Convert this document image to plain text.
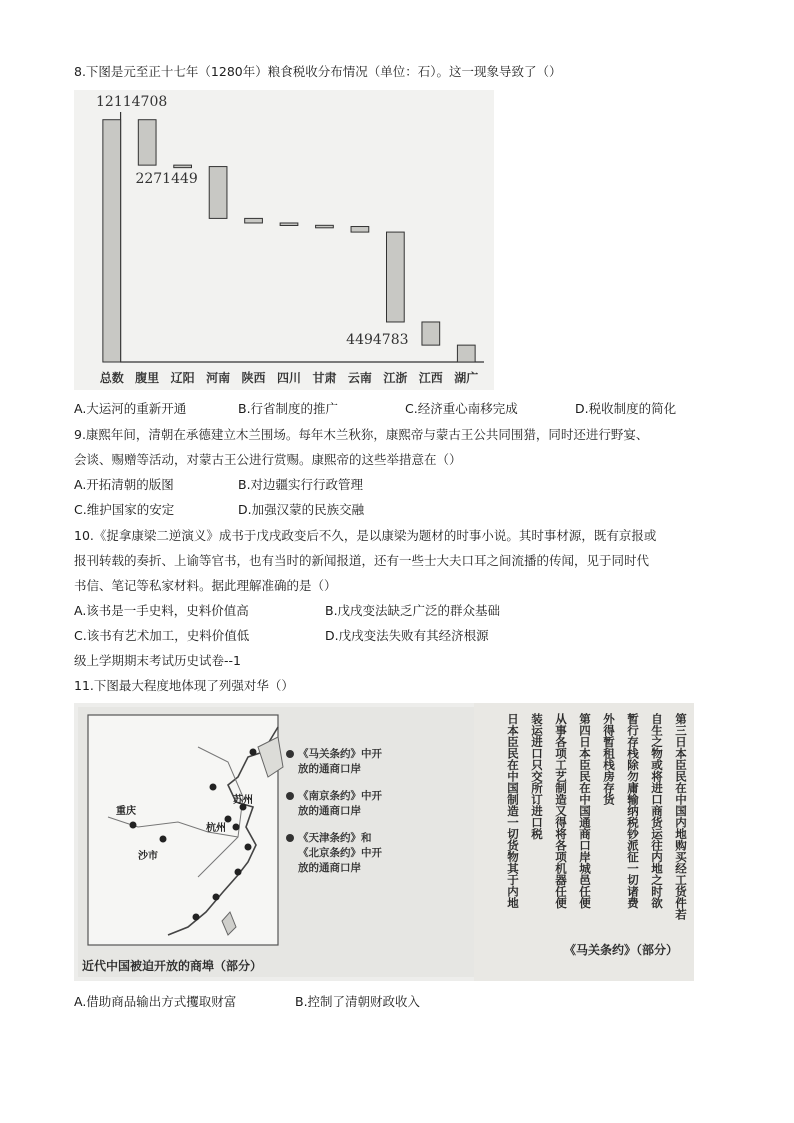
8.下图是元至正十七年（1280年）粮食税收分布情况（单位：石）。这一现象导致了（）
总数 腹里 辽阳 河南 陕西 四川 甘肃 云南 江浙 江西 湖广
12114708
2271449
4494783
A.大运河的重新开通	B.行省制度的推广	C.经济重心南移完成	D.税收制度的简化
9.康熙年间，清朝在承德建立木兰围场。每年木兰秋狝，康熙帝与蒙古王公共同围猎，同时还进行野宴、
会谈、赐赠等活动，对蒙古王公进行赏赐。康熙帝的这些举措意在（）
A.开拓清朝的版图	B.对边疆实行行政管理
C.维护国家的安定	D.加强汉蒙的民族交融
10.《捉拿康梁二逆演义》成书于戊戌政变后不久，是以康梁为题材的时事小说。其时事材源，既有京报或
报刊转载的奏折、上谕等官书，也有当时的新闻报道，还有一些士大夫口耳之间流播的传闻，见于同时代
书信、笔记等私家材料。据此理解准确的是（）
A.该书是一手史料，史料价值高	B.戊戌变法缺乏广泛的群众基础
C.该书有艺术加工，史料价值低	D.戊戌变法失败有其经济根源
级上学期期末考试历史试卷--1
11.下图最大程度地体现了列强对华（）
重庆
沙市
苏州
杭州
《马关条约》中开
放的通商口岸
《南京条约》中开
放的通商口岸
《天津条约》和
《北京条约》中开
放的通商口岸
近代中国被迫开放的商埠（部分）
第三日本臣民在中国内地购买经工货件若
自生之物或将进口商货运往内地之时欲
暂行存栈除勿庸输纳税钞派征一切诸费
外得暂租栈房存货
第四日本臣民在中国通商口岸城邑任便
从事各项工艺制造又得将各项机器任便
装运进口只交所订进口税
日本臣民在中国制造一切货物其于内地
《马关条约》（部分）
A.借助商品输出方式攫取财富	B.控制了清朝财政收入
